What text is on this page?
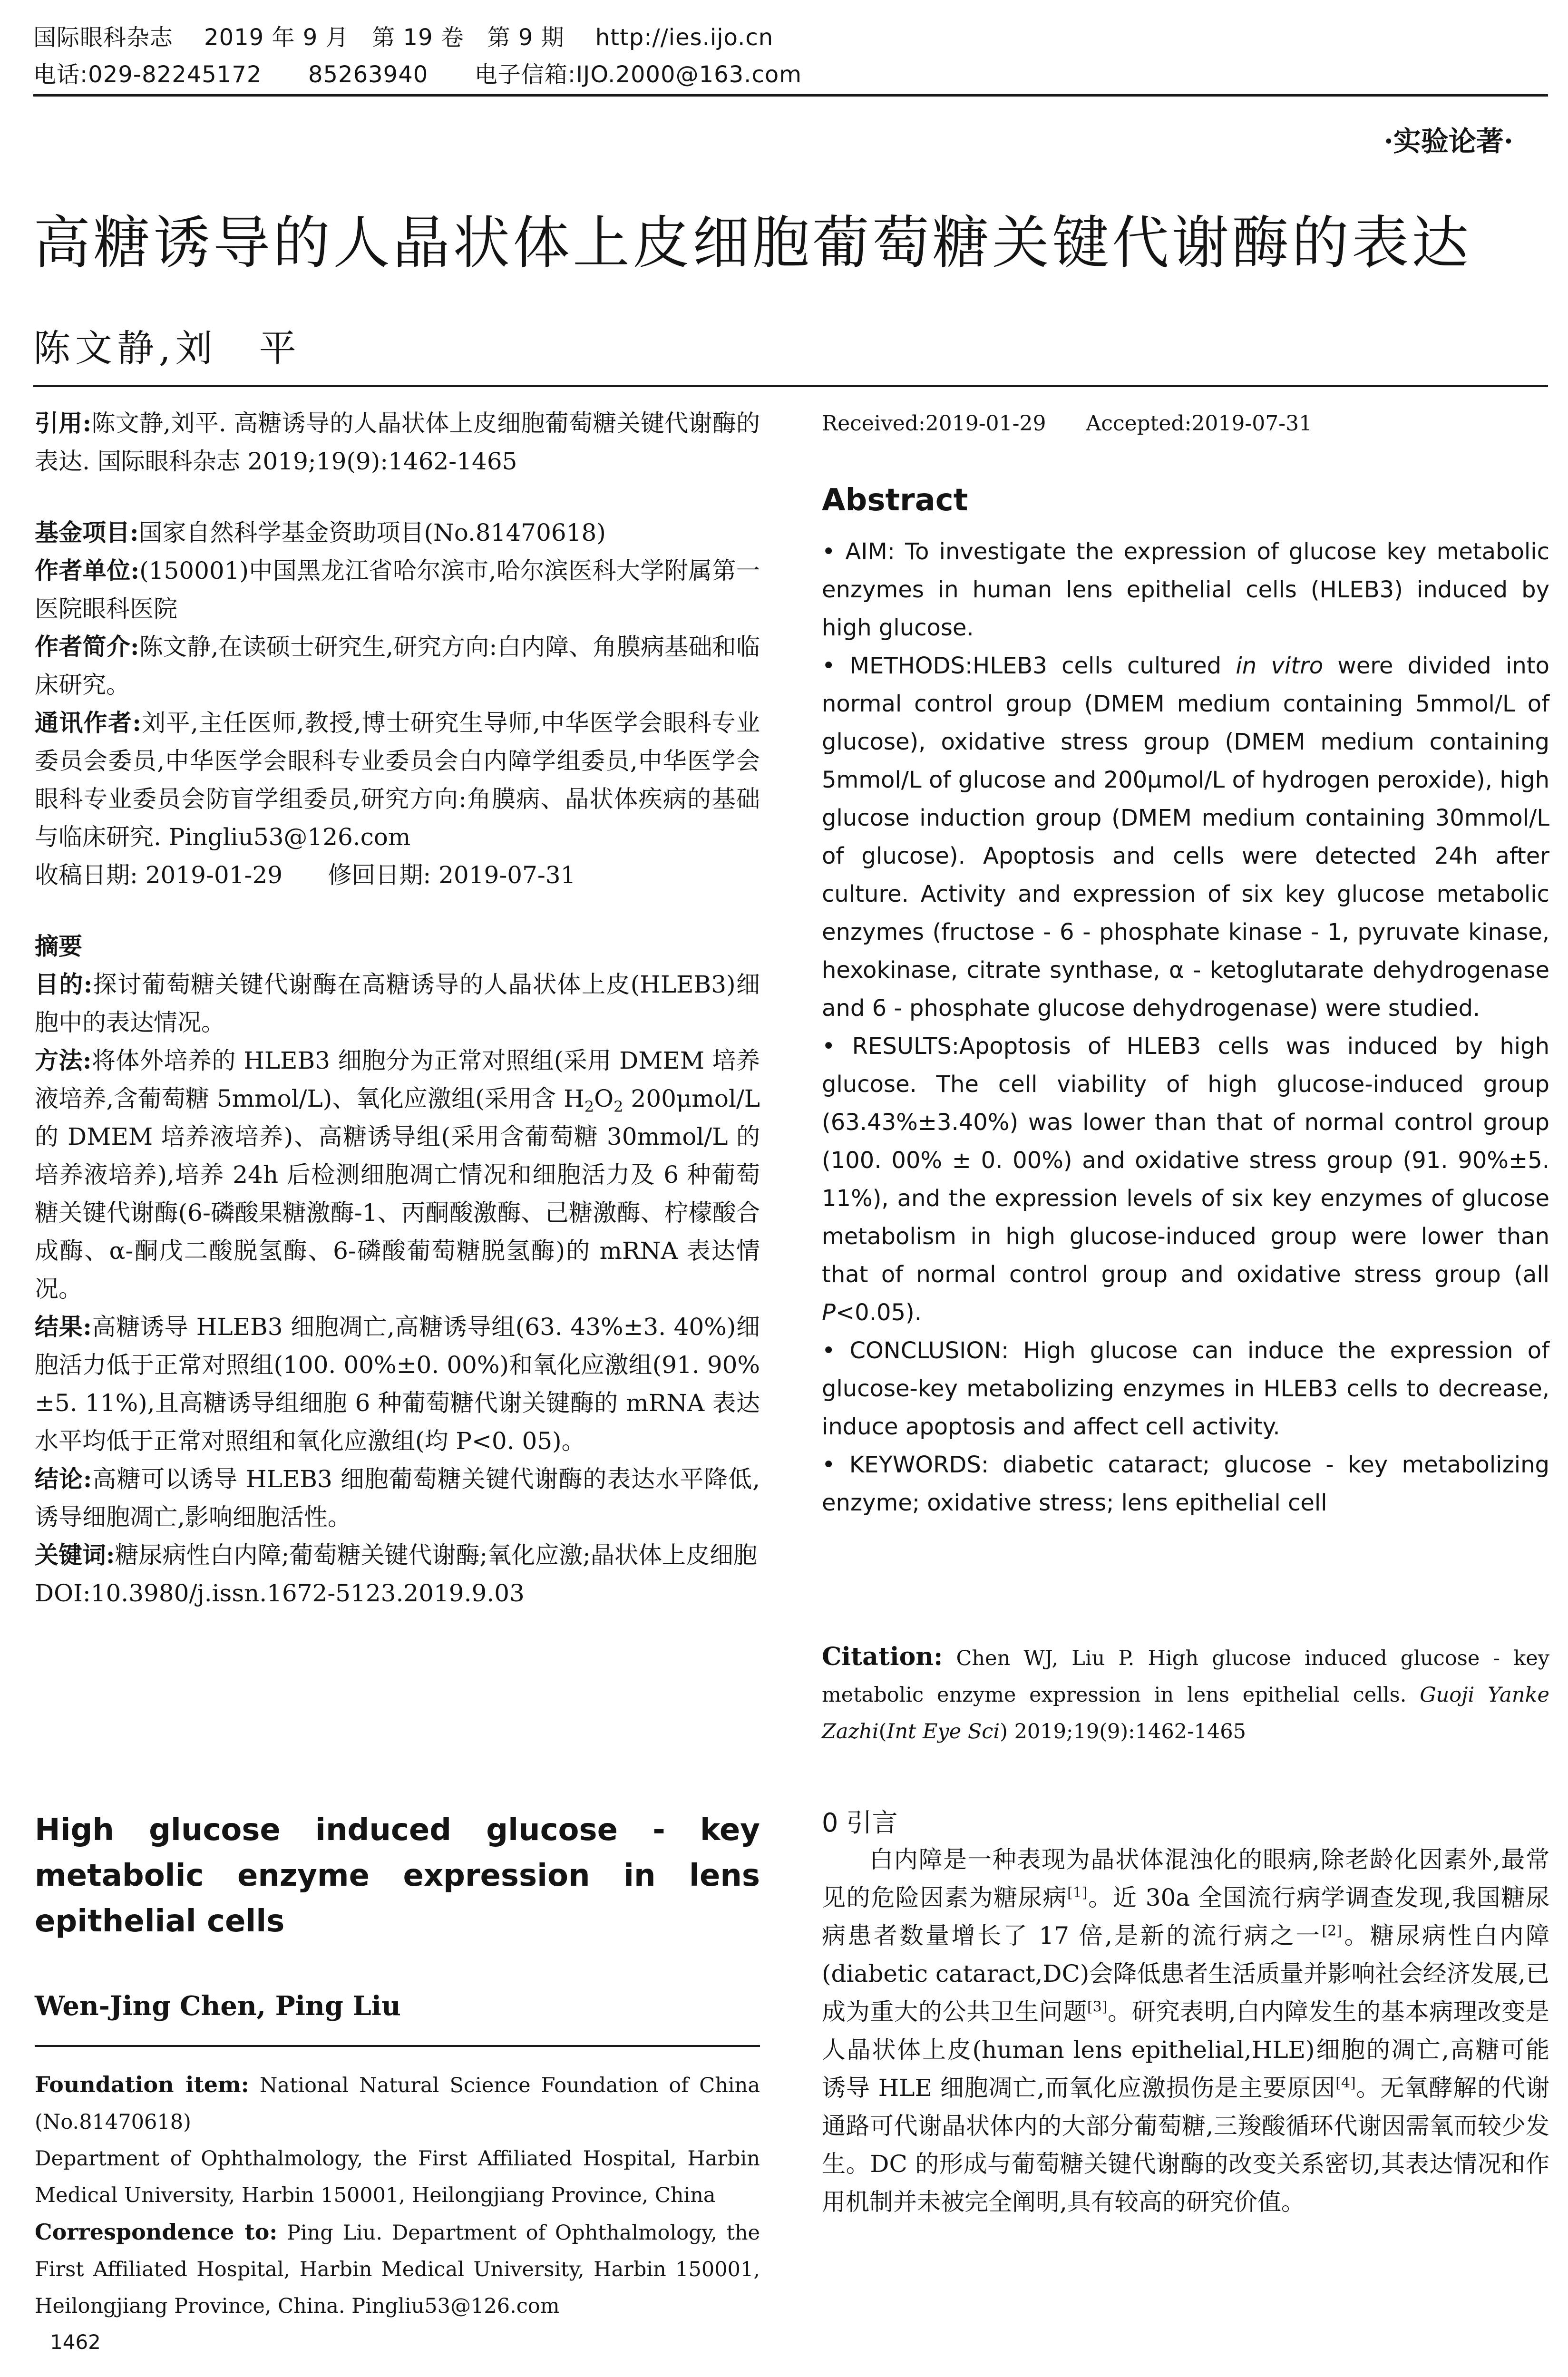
国际眼科杂志    2019 年 9 月   第 19 卷   第 9 期    http://ies.ijo.cn
电话:029-82245172      85263940      电子信箱:IJO.2000@163.com
·实验论著·
高糖诱导的人晶状体上皮细胞葡萄糖关键代谢酶的表达
陈文静,刘　平

引用:陈文静,刘平. 高糖诱导的人晶状体上皮细胞葡萄糖关键代谢酶的表达. 国际眼科杂志 2019;19(9):1462-1465

基金项目:国家自然科学基金资助项目(No.81470618)

作者单位:(150001)中国黑龙江省哈尔滨市,哈尔滨医科大学附属第一医院眼科医院

作者简介:陈文静,在读硕士研究生,研究方向:白内障、角膜病基础和临床研究。

通讯作者:刘平,主任医师,教授,博士研究生导师,中华医学会眼科专业委员会委员,中华医学会眼科专业委员会白内障学组委员,中华医学会眼科专业委员会防盲学组委员,研究方向:角膜病、晶状体疾病的基础与临床研究. Pingliu53@126.com

收稿日期: 2019-01-29      修回日期: 2019-07-31

摘要

目的:探讨葡萄糖关键代谢酶在高糖诱导的人晶状体上皮(HLEB3)细胞中的表达情况。

方法:将体外培养的 HLEB3 细胞分为正常对照组(采用 DMEM 培养液培养,含葡萄糖 5mmol/L)、氧化应激组(采用含 $H_2O_2$ 200μmol/L 的 DMEM 培养液培养)、高糖诱导组(采用含葡萄糖 30mmol/L 的培养液培养),培养 24h 后检测细胞凋亡情况和细胞活力及 6 种葡萄糖关键代谢酶(6-磷酸果糖激酶-1、丙酮酸激酶、己糖激酶、柠檬酸合成酶、α-酮戊二酸脱氢酶、6-磷酸葡萄糖脱氢酶)的 mRNA 表达情况。

结果:高糖诱导 HLEB3 细胞凋亡,高糖诱导组(63. 43%±3. 40%)细胞活力低于正常对照组(100. 00%±0. 00%)和氧化应激组(91. 90%±5. 11%),且高糖诱导组细胞 6 种葡萄糖代谢关键酶的 mRNA 表达水平均低于正常对照组和氧化应激组(均 P<0. 05)。

结论:高糖可以诱导 HLEB3 细胞葡萄糖关键代谢酶的表达水平降低,诱导细胞凋亡,影响细胞活性。

关键词:糖尿病性白内障;葡萄糖关键代谢酶;氧化应激;晶状体上皮细胞

DOI:10.3980/j.issn.1672-5123.2019.9.03

High glucose induced glucose - key metabolic enzyme expression in lens epithelial cells
Wen-Jing Chen, Ping Liu

Foundation item: National Natural Science Foundation of China (No.81470618)

Department of Ophthalmology, the First Affiliated Hospital, Harbin Medical University, Harbin 150001, Heilongjiang Province, China

Correspondence to: Ping Liu. Department of Ophthalmology, the First Affiliated Hospital, Harbin Medical University, Harbin 150001, Heilongjiang Province, China. Pingliu53@126.com

1462
Received:2019-01-29      Accepted:2019-07-31
Abstract

• AIM: To investigate the expression of glucose key metabolic enzymes in human lens epithelial cells (HLEB3) induced by high glucose.

• METHODS:HLEB3 cells cultured in vitro were divided into normal control group (DMEM medium containing 5mmol/L of glucose), oxidative stress group (DMEM medium containing 5mmol/L of glucose and 200μmol/L of hydrogen peroxide), high glucose induction group (DMEM medium containing 30mmol/L of glucose). Apoptosis and cells were detected 24h after culture. Activity and expression of six key glucose metabolic enzymes (fructose - 6 - phosphate kinase - 1, pyruvate kinase, hexokinase, citrate synthase, α - ketoglutarate dehydrogenase and 6 - phosphate glucose dehydrogenase) were studied.

• RESULTS:Apoptosis of HLEB3 cells was induced by high glucose. The cell viability of high glucose-induced group (63.43%±3.40%) was lower than that of normal control group (100. 00% ± 0. 00%) and oxidative stress group (91. 90%±5. 11%), and the expression levels of six key enzymes of glucose metabolism in high glucose-induced group were lower than that of normal control group and oxidative stress group (all P<0.05).

• CONCLUSION: High glucose can induce the expression of glucose-key metabolizing enzymes in HLEB3 cells to decrease, induce apoptosis and affect cell activity.

• KEYWORDS: diabetic cataract; glucose - key metabolizing enzyme; oxidative stress; lens epithelial cell

Citation: Chen WJ, Liu P. High glucose induced glucose - key metabolic enzyme expression in lens epithelial cells. Guoji Yanke Zazhi(Int Eye Sci) 2019;19(9):1462-1465

0 引言

白内障是一种表现为晶状体混浊化的眼病,除老龄化因素外,最常见的危险因素为糖尿病[1]。近 30a 全国流行病学调查发现,我国糖尿病患者数量增长了 17 倍,是新的流行病之一[2]。糖尿病性白内障(diabetic cataract,DC)会降低患者生活质量并影响社会经济发展,已成为重大的公共卫生问题[3]。研究表明,白内障发生的基本病理改变是人晶状体上皮(human lens epithelial,HLE)细胞的凋亡,高糖可能诱导 HLE 细胞凋亡,而氧化应激损伤是主要原因[4]。无氧酵解的代谢通路可代谢晶状体内的大部分葡萄糖,三羧酸循环代谢因需氧而较少发生。DC 的形成与葡萄糖关键代谢酶的改变关系密切,其表达情况和作用机制并未被完全阐明,具有较高的研究价值。
